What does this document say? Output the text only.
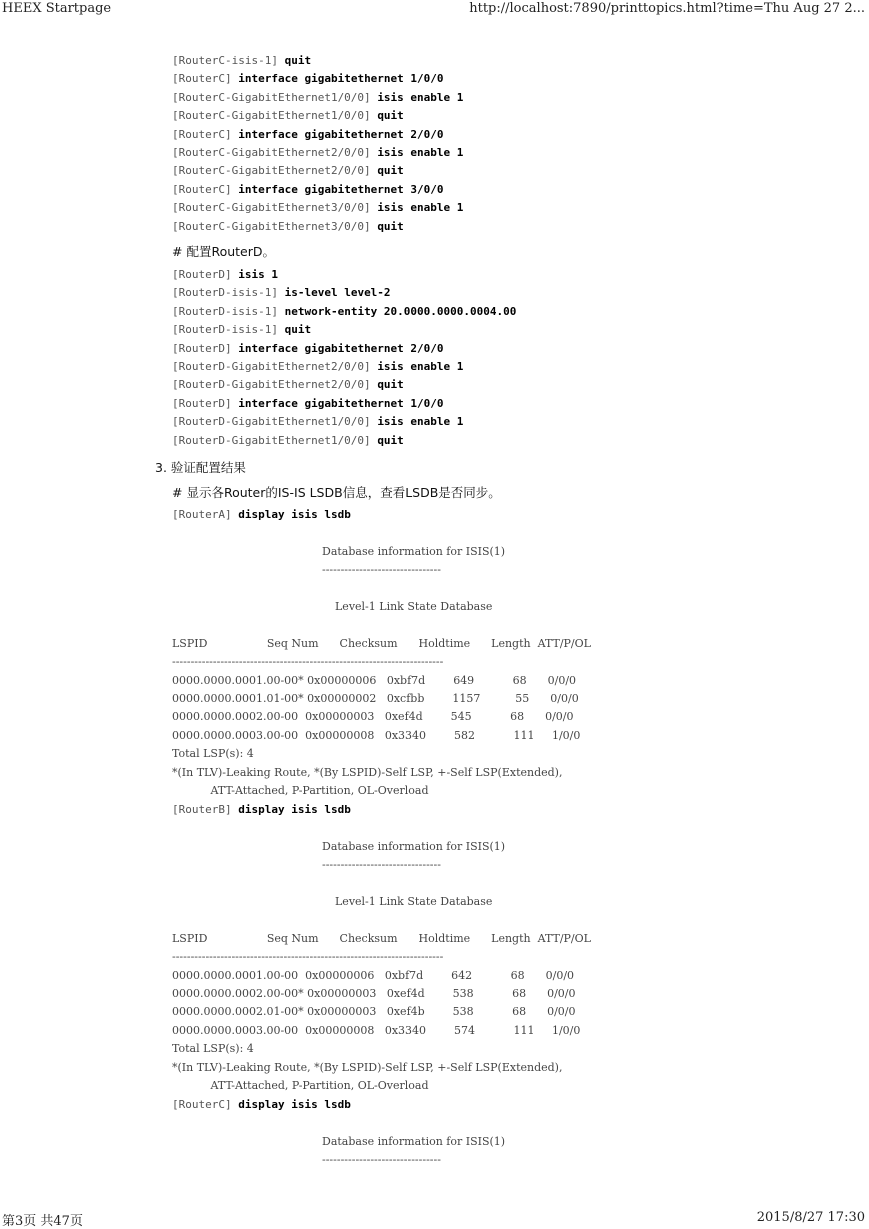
HEEX Startpage	http://localhost:7890/printtopics.html?time=Thu Aug 27 2...
[RouterC-isis-1] quit
[RouterC] interface gigabitethernet 1/0/0
[RouterC-GigabitEthernet1/0/0] isis enable 1
[RouterC-GigabitEthernet1/0/0] quit
[RouterC] interface gigabitethernet 2/0/0
[RouterC-GigabitEthernet2/0/0] isis enable 1
[RouterC-GigabitEthernet2/0/0] quit
[RouterC] interface gigabitethernet 3/0/0
[RouterC-GigabitEthernet3/0/0] isis enable 1
[RouterC-GigabitEthernet3/0/0] quit
# 配置RouterD。
[RouterD] isis 1
[RouterD-isis-1] is-level level-2
[RouterD-isis-1] network-entity 20.0000.0000.0004.00
[RouterD-isis-1] quit
[RouterD] interface gigabitethernet 2/0/0
[RouterD-GigabitEthernet2/0/0] isis enable 1
[RouterD-GigabitEthernet2/0/0] quit
[RouterD] interface gigabitethernet 1/0/0
[RouterD-GigabitEthernet1/0/0] isis enable 1
[RouterD-GigabitEthernet1/0/0] quit
3. 验证配置结果
# 显示各Router的IS-IS LSDB信息，查看LSDB是否同步。
[RouterA] display isis lsdb
Database information for ISIS(1)
--------------------------------
Level-1 Link State Database
LSPID                 Seq Num      Checksum      Holdtime      Length  ATT/P/OL
-------------------------------------------------------------------------
0000.0000.0001.00-00* 0x00000006   0xbf7d        649           68      0/0/0
0000.0000.0001.01-00* 0x00000002   0xcfbb        1157          55      0/0/0
0000.0000.0002.00-00  0x00000003   0xef4d        545           68      0/0/0
0000.0000.0003.00-00  0x00000008   0x3340        582           111     1/0/0
Total LSP(s): 4
*(In TLV)-Leaking Route, *(By LSPID)-Self LSP, +-Self LSP(Extended),
ATT-Attached, P-Partition, OL-Overload
[RouterB] display isis lsdb
Database information for ISIS(1)
--------------------------------
Level-1 Link State Database
LSPID                 Seq Num      Checksum      Holdtime      Length  ATT/P/OL
-------------------------------------------------------------------------
0000.0000.0001.00-00  0x00000006   0xbf7d        642           68      0/0/0
0000.0000.0002.00-00* 0x00000003   0xef4d        538           68      0/0/0
0000.0000.0002.01-00* 0x00000003   0xef4b        538           68      0/0/0
0000.0000.0003.00-00  0x00000008   0x3340        574           111     1/0/0
Total LSP(s): 4
*(In TLV)-Leaking Route, *(By LSPID)-Self LSP, +-Self LSP(Extended),
ATT-Attached, P-Partition, OL-Overload
[RouterC] display isis lsdb
Database information for ISIS(1)
--------------------------------
第3页 共47页	2015/8/27 17:30
